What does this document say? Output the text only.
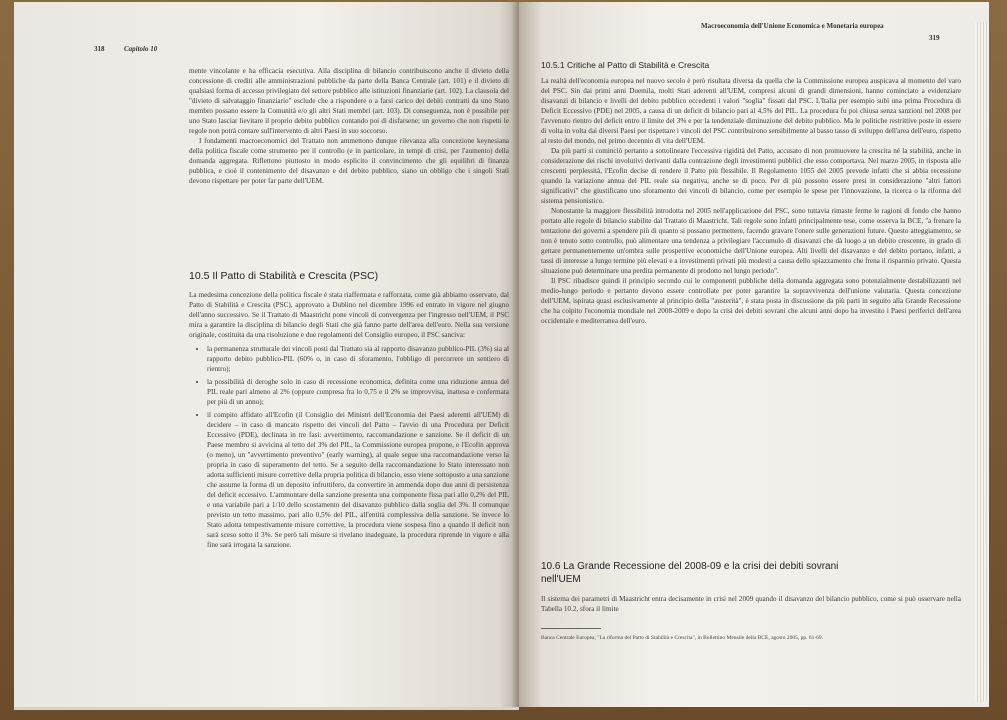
318	Capitolo 10

mente vincolante e ha efficacia esecutiva. Alla disciplina di bilancio contribuiscono anche il divieto della concessione di crediti alle amministrazioni pubbliche da parte della Banca Centrale (art. 101) e il divieto di qualsiasi forma di accesso privilegiato del settore pubblico alle istituzioni finanziarie (art. 102). La clausola del "divieto di salvataggio finanziario" esclude che a rispondere o a farsi carico dei debiti contratti da uno Stato membro possano essere la Comunità e/o gli altri Stati membri (art. 103). Di conseguenza, non è possibile per uno Stato lasciar lievitare il proprio debito pubblico contando poi di disfarsene; un governo che non rispetti le regole non potrà contare sull'intervento di altri Paesi in suo soccorso.

I fondamenti macroeconomici del Trattato non ammettono dunque rilevanza alla concezione keynesiana della politica fiscale come strumento per il controllo (e in particolare, in tempi di crisi, per l'aumento) della domanda aggregata. Riflettono piuttosto in modo esplicito il convincimento che gli equilibri di finanza pubblica, e cioè il contenimento del disavanzo e del debito pubblico, siano un obbligo che i singoli Stati devono rispettare per poter far parte dell'UEM.

10.5 Il Patto di Stabilità e Crescita (PSC)

La medesima concezione della politica fiscale è stata riaffermata e rafforzata, come già abbiamo osservato, dal Patto di Stabilità e Crescita (PSC), approvato a Dublino nel dicembre 1996 ed entrato in vigore nel giugno dell'anno successivo. Se il Trattato di Maastricht pone vincoli di convergenza per l'ingresso nell'UEM, il PSC mira a garantire la disciplina di bilancio degli Stati che già fanno parte dell'area dell'euro. Nella sua versione originale, costituita da una risoluzione e due regolamenti del Consiglio europeo, il PSC sanciva:

• la permanenza strutturale dei vincoli posti dal Trattato sia al rapporto disavanzo pubblico-PIL (3%) sia al rapporto debito pubblico-PIL (60% o, in caso di sforamento, l'obbligo di percorrere un sentiero di rientro);
• la possibilità di deroghe solo in caso di recessione economica, definita come una riduzione annua del PIL reale pari almeno al 2% (oppure compresa fra lo 0,75 e il 2% se improvvisa, inattesa e confermata per più di un anno);
• il compito affidato all'Ecofin (il Consiglio dei Ministri dell'Economia dei Paesi aderenti all'UEM) di decidere – in caso di mancato rispetto dei vincoli del Patto – l'avvio di una Procedura per Deficit Eccessivo (PDE), declinata in tre fasi: avvertimento, raccomandazione e sanzione. Se il deficit di un Paese membro si avvicina al tetto del 3% del PIL, la Commissione europea propone, e l'Ecofin approva (o meno), un "avvertimento preventivo" (early warning), al quale segue una raccomandazione verso la propria in caso di superamento del tetto. Se a seguito della raccomandazione lo Stato interessato non adotta sufficienti misure correttive della propria politica di bilancio, esso viene sottoposto a una sanzione che assume la forma di un deposito infruttifero, da convertire in ammenda dopo due anni di persistenza del deficit eccessivo. L'ammontare della sanzione presenta una componente fissa pari allo 0,2% del PIL e una variabile pari a 1/10 dello scostamento del disavanzo pubblico dalla soglia del 3%. Il comunque previsto un tetto massimo, pari allo 0,5% del PIL, all'entità complessiva della sanzione. Se invece lo Stato adotta tempestivamente misure correttive, la procedura viene sospesa fino a quando il deficit non sarà sceso sotto il 3%. Se però tali misure si rivelano inadeguate, la procedura riprende in vigore e alla fine sarà irrogata la sanzione.
Macroeconomia dell'Unione Economica e Monetaria europea
319
10.5.1 Critiche al Patto di Stabilità e Crescita

La realtà dell'economia europea nel nuovo secolo è però risultata diversa da quella che la Commissione europea auspicava al momento del varo del PSC. Sin dai primi anni Duemila, molti Stati aderenti all'UEM, compresi alcuni di grandi dimensioni, hanno cominciato a evidenziare disavanzi di bilancio e livelli del debito pubblico eccedenti i valori "soglia" fissati dal PSC. L'Italia per esempio subì una prima Procedura di Deficit Eccessivo (PDE) nel 2005, a causa di un deficit di bilancio pari al 4,5% del PIL. La procedura fu poi chiusa senza sanzioni nel 2008 per l'avvenuto rientro del deficit entro il limite del 3% e per la tendenziale diminuzione del debito pubblico. Ma le politiche restrittive poste in essere di volta in volta dai diversi Paesi per rispettare i vincoli del PSC contribuirono sensibilmente al basso tasso di sviluppo dell'area dell'euro, rispetto al resto del mondo, nel primo decennio di vita dell'UEM.

Da più parti si cominciò pertanto a sottolineare l'eccessiva rigidità del Patto, accusato di non promuovere la crescita né la stabilità, anche in considerazione dei rischi involutivi derivanti dalla contrazione degli investimenti pubblici che esso comportava. Nel marzo 2005, in risposta alle crescenti perplessità, l'Ecofin decise di rendere il Patto più flessibile. Il Regolamento 1055 del 2005 prevede infatti che si abbia recessione quando la variazione annua del PIL reale sia negativa, anche se di poco. Per di più possono essere presi in considerazione "altri fattori significativi" che giustificano uno sforamento dei vincoli di bilancio, come per esempio le spese per l'innovazione, la ricerca o la riforma del sistema pensionistico.

Nonostante la maggiore flessibilità introdotta nel 2005 nell'applicazione del PSC, sono tuttavia rimaste ferme le ragioni di fondo che hanno portato alle regole di bilancio stabilite dal Trattato di Maastricht. Tali regole sono infatti principalmente tese, come osserva la BCE, "a frenare la tentazione dei governi a spendere più di quanto si possano permettere, facendo gravare l'onere sulle generazioni future. Questo atteggiamento, se non è tenuto sotto controllo, può alimentare una tendenza a privilegiare l'accumulo di disavanzi che dà luogo a un debito crescente, in grado di gettare permanentemente un'ombra sulle prospettive economiche dell'Unione europea. Alti livelli del disavanzo e del debito portano, infatti, a tassi di interesse a lungo termine più elevati e a investimenti privati più modesti a causa dello spiazzamento che frena il risparmio privato. Questa situazione può determinare una perdita permanente di prodotto nel lungo periodo".

Il PSC ribadisce quindi il principio secondo cui le componenti pubbliche della domanda aggregata sono potenzialmente destabilizzanti nel medio-lungo periodo e pertanto devono essere controllate per poter garantire la sopravvivenza dell'unione valutaria. Questa concezione dell'UEM, ispirata quasi esclusivamente al principio della "austerità", è stata posta in discussione da più parti in seguito alla Grande Recessione che ha colpito l'economia mondiale nel 2008-2009 e dopo la crisi dei debiti sovrani che alcuni anni dopo ha investito i Paesi periferici dell'area occidentale e mediterranea dell'euro.

10.6 La Grande Recessione del 2008-09 e la crisi dei debiti sovrani nell'UEM
Il sistema dei parametri di Maastricht entra decisamente in crisi nel 2009 quando il disavanzo del bilancio pubblico, come si può osservare nella Tabella 10.2, sfora il limite
Banca Centrale Europea, "La riforma del Patto di Stabilità e Crescita", in Bollettino Mensile della BCE, agosto 2005, pp. 61-69.
